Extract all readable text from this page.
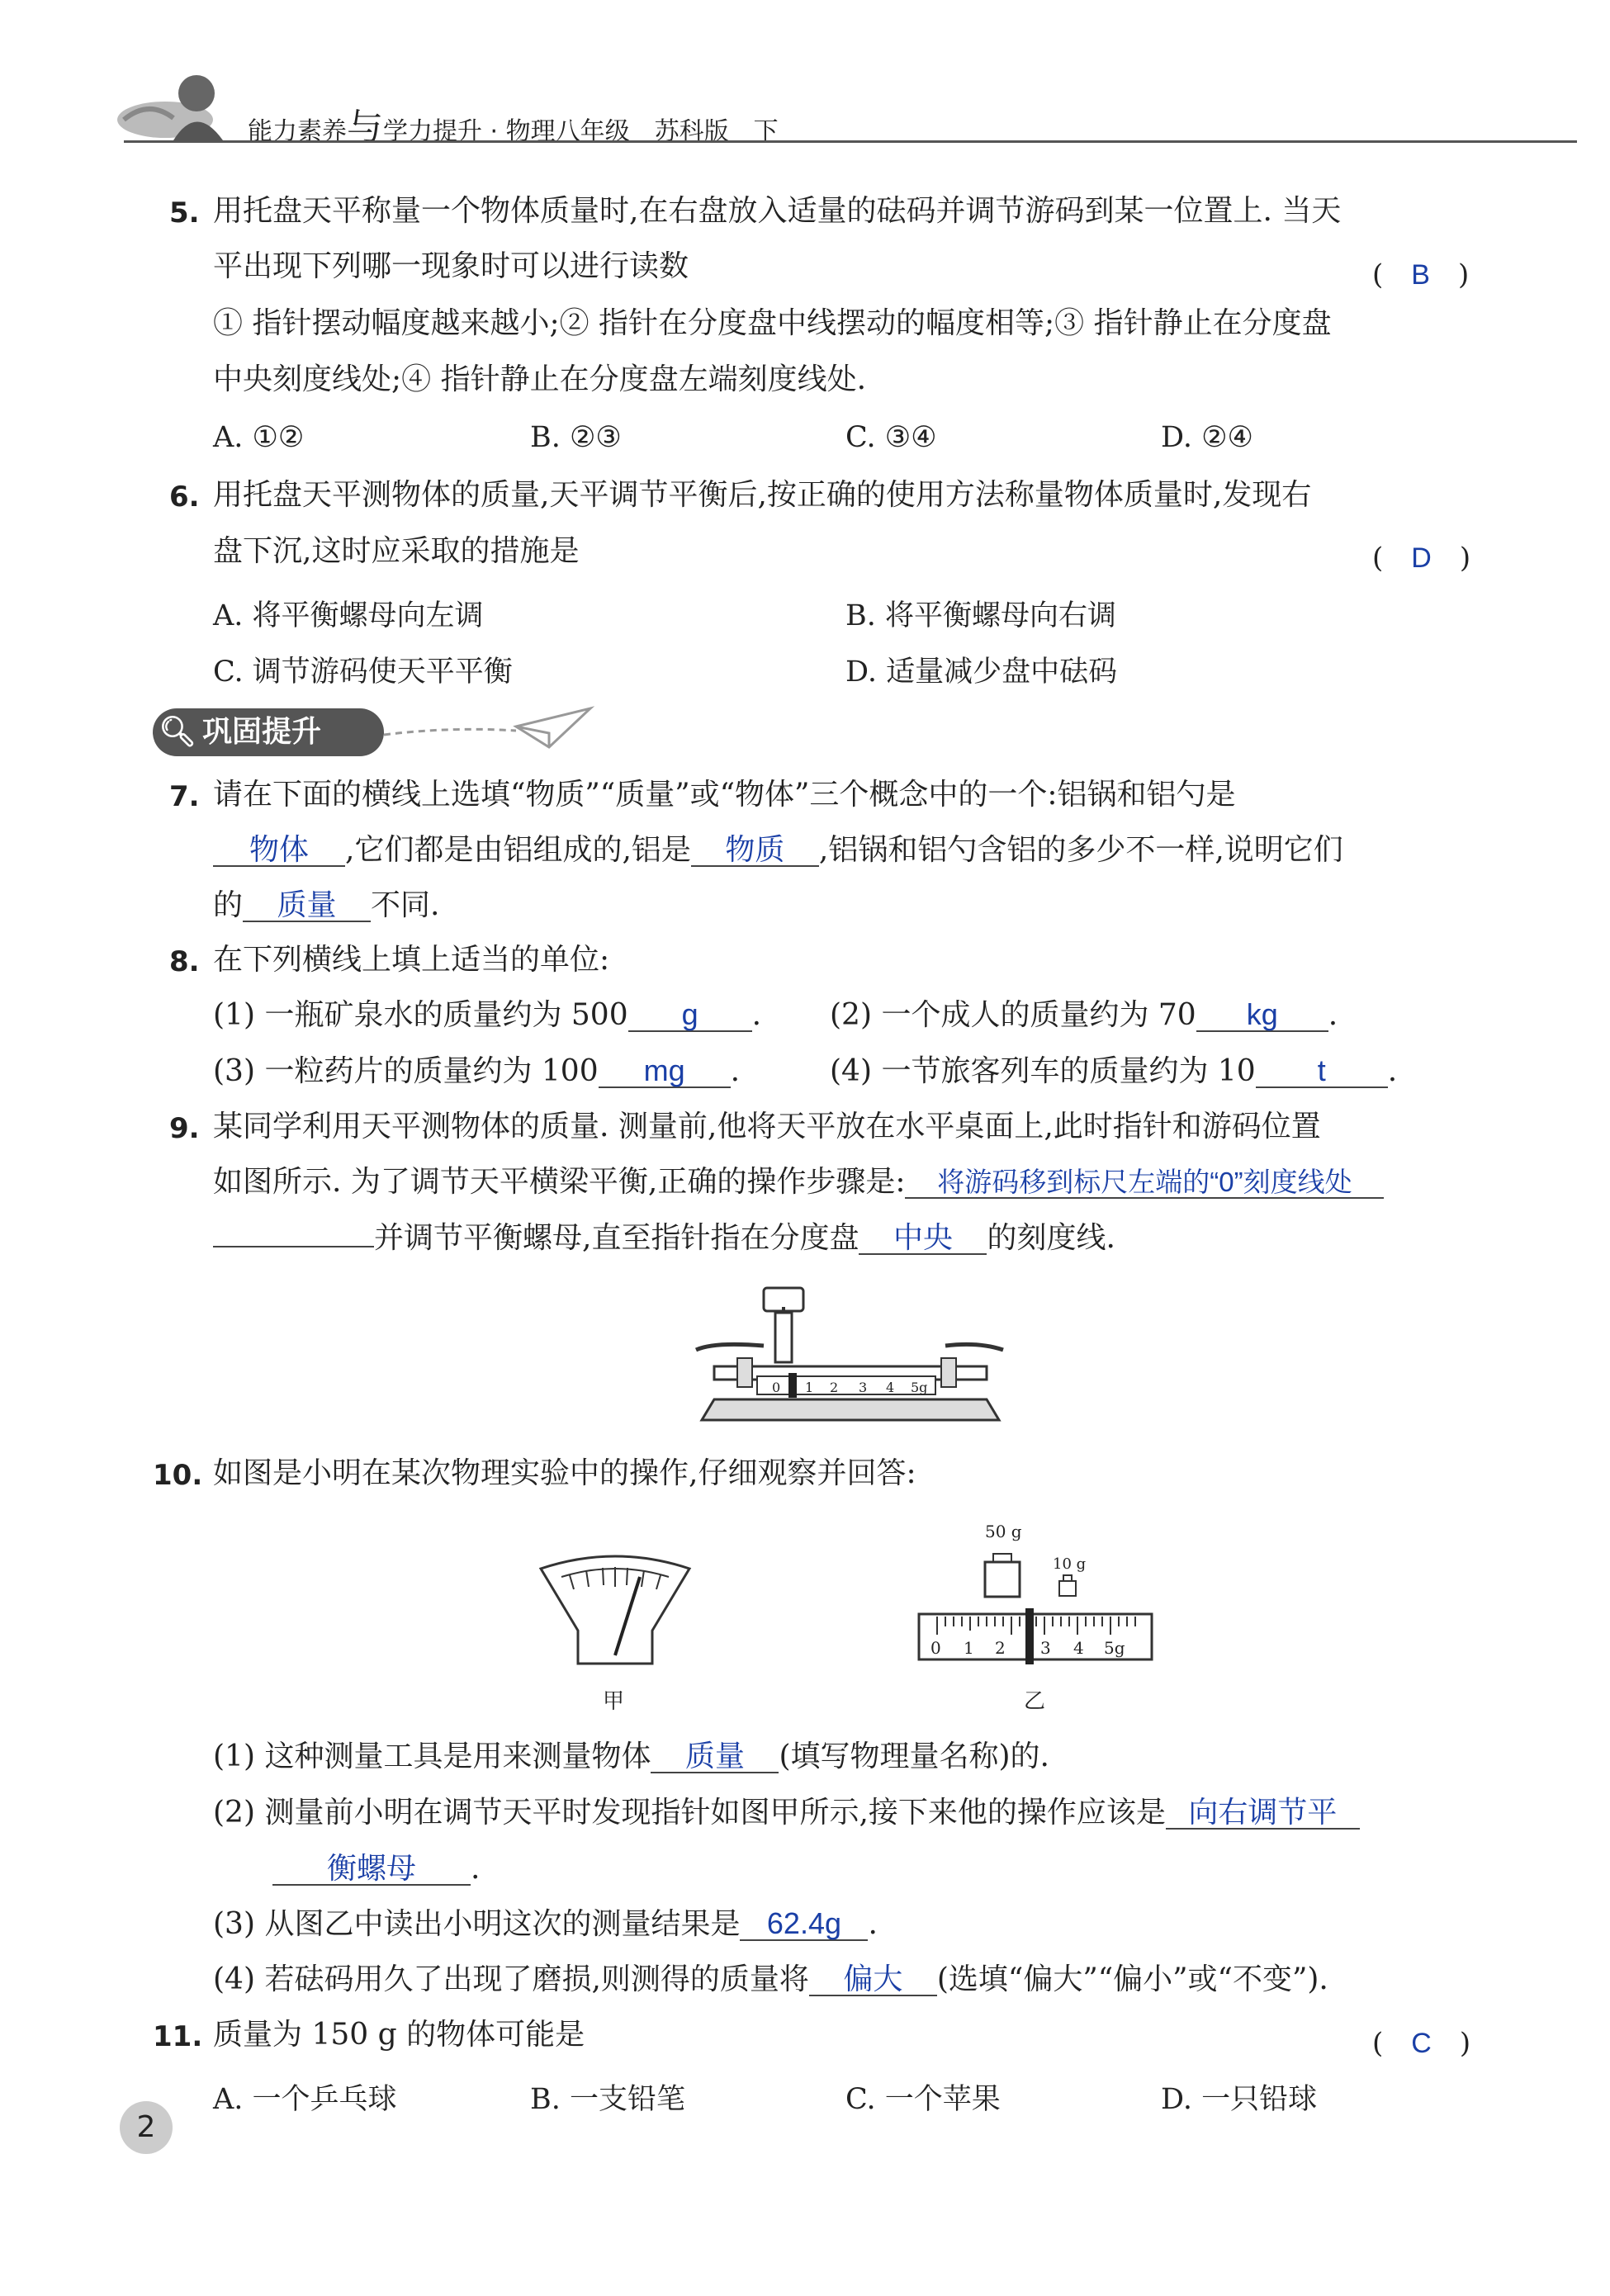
能力素养与学力提升 · 物理八年级　苏科版　下
5. 用托盘天平称量一个物体质量时,在右盘放入适量的砝码并调节游码到某一位置上. 当天
平出现下列哪一现象时可以进行读数	(　B　)
① 指针摆动幅度越来越小;② 指针在分度盘中线摆动的幅度相等;③ 指针静止在分度盘
中央刻度线处;④ 指针静止在分度盘左端刻度线处.
A. ①②	B. ②③	C. ③④	D. ②④
6. 用托盘天平测物体的质量,天平调节平衡后,按正确的使用方法称量物体质量时,发现右
盘下沉,这时应采取的措施是	(　D　)
A. 将平衡螺母向左调	B. 将平衡螺母向右调
C. 调节游码使天平平衡	D. 适量减少盘中砝码
🔍︎ 巩固提升
7. 请在下面的横线上选填“物质”“质量”或“物体”三个概念中的一个:铝锅和铝勺是
物体 ,它们都是由铝组成的,铝是 物质 ,铝锅和铝勺含铝的多少不一样,说明它们
的 质量 不同.
8. 在下列横线上填上适当的单位:
(1) 一瓶矿泉水的质量约为 500 g . (2) 一个成人的质量约为 70 kg .
(3) 一粒药片的质量约为 100 mg .	(4) 一节旅客列车的质量约为 10 t .
9. 某同学利用天平测物体的质量. 测量前,他将天平放在水平桌面上,此时指针和游码位置
如图所示. 为了调节天平横梁平衡,正确的操作步骤是: 将游码移到标尺左端的“0”刻度线处
并调节平衡螺母,直至指针指在分度盘 中央 的刻度线.
0 1 2 3 4 5g
10. 如图是小明在某次物理实验中的操作,仔细观察并回答:
甲
50 g
10 g
0 1 2 3 4 5g
乙
(1) 这种测量工具是用来测量物体 质量 (填写物理量名称)的.
(2) 测量前小明在调节天平时发现指针如图甲所示,接下来他的操作应该是 向右调节平
衡螺母 .
(3) 从图乙中读出小明这次的测量结果是 62.4g .
(4) 若砝码用久了出现了磨损,则测得的质量将 偏大 (选填“偏大”“偏小”或“不变”).
11. 质量为 150 g 的物体可能是	(　C　)
A. 一个乒乓球	B. 一支铅笔	C. 一个苹果	D. 一只铅球
2
